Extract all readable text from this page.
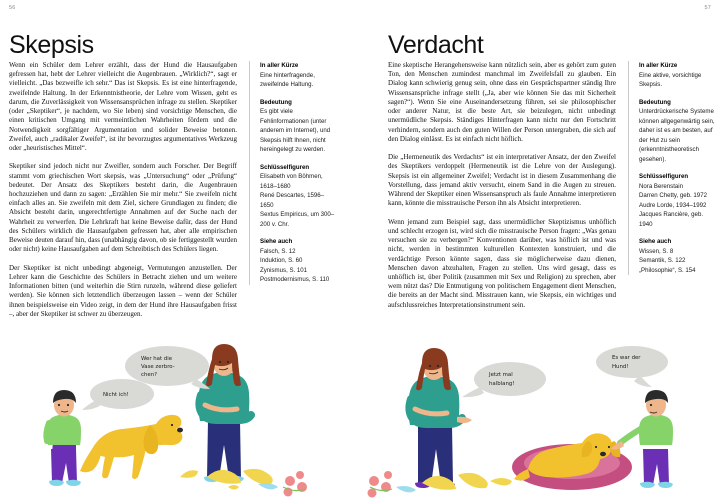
56
Skepsis

Wenn ein Schüler dem Lehrer erzählt, dass der Hund die Hausaufgaben gefressen hat, hebt der Lehrer vielleicht die Augenbrauen. „Wirklich?“, sagt er vielleicht. „Das bezweifle ich sehr.“ Das ist Skepsis. Es ist eine hinterfragende, zweifelnde Haltung. In der Erkenntnistheorie, der Lehre vom Wissen, geht es darum, die Zuverlässigkeit von Wissensansprüchen infrage zu stellen. Skeptiker (oder „Skeptiker“, je nachdem, wo Sie leben) sind vorsichtige Menschen, die einen kritischen Umgang mit vermeintlichen Wahrheiten fördern und die Notwendigkeit sorgfältiger Argumentation und solider Beweise betonen. Zweifel, auch „radikaler Zweifel“, ist ihr bevorzugtes argumentatives Werkzeug oder „heuristisches Mittel“.

Skeptiker sind jedoch nicht nur Zweifler, sondern auch Forscher. Der Begriff stammt vom griechischen Wort skepsis, was „Untersuchung“ oder „Prüfung“ bedeutet. Der Ansatz des Skeptikers besteht darin, die Augenbrauen hochzuziehen und dann zu sagen: „Erzählen Sie mir mehr.“ Sie zweifeln nicht einfach alles an. Sie zweifeln mit dem Ziel, sichere Grundlagen zu finden; die Absicht besteht darin, ungerechtfertigte Annahmen auf der Suche nach der Wahrheit zu verwerfen. Die Lehrkraft hat keine Beweise dafür, dass der Hund des Schülers wirklich die Hausaufgaben gefressen hat, aber alle empirischen Beweise deuten darauf hin, dass (unabhängig davon, ob sie fertiggestellt wurden oder nicht) keine Hausaufgaben auf dem Schreibtisch des Schülers liegen.

Der Skeptiker ist nicht unbedingt abgeneigt, Vermutungen anzustellen. Der Lehrer kann die Geschichte des Schülers in Betracht ziehen und um weitere Informationen bitten (und weiterhin die Stirn runzeln, während diese geliefert werden). Sie können sich letztendlich überzeugen lassen – wenn der Schüler ihnen beispielsweise ein Video zeigt, in dem der Hund ihre Hausaufgaben frisst –, aber der Skeptiker ist schwer zu überzeugen.

In aller Kürze
Eine hinterfragende, zweifelnde Haltung.
Bedeutung
Es gibt viele Fehlinformationen (unter anderem im Internet), und Skepsis hilft Ihnen, nicht hereingelegt zu werden.
Schlüsselfiguren
Elisabeth von Böhmen, 1618–1680
René Descartes, 1596–1650
Sextus Empiricus, um 300–200 v. Chr.
Siehe auch
Falsch, S. 12
Induktion, S. 60
Zynismus, S. 101
Postmodernismus, S. 110
Wer hat die
Vase zerbro-
chen?
Nicht ich!
57
Verdacht

Eine skeptische Herangehensweise kann nützlich sein, aber es gehört zum guten Ton, den Menschen zumindest manchmal im Zweifelsfall zu glauben. Ein Dialog kann schwierig genug sein, ohne dass ein Gesprächspartner ständig Ihre Wissensansprüche infrage stellt („Ja, aber wie können Sie das mit Sicherheit sagen?“). Wenn Sie eine Auseinandersetzung führen, sei sie philosophischer oder anderer Natur, ist die beste Art, sie beizulegen, nicht unbedingt unermüdliche Skepsis. Ständiges Hinterfragen kann nicht nur den Fortschritt verhindern, sondern auch den guten Willen der Person untergraben, die sich auf den Dialog einlässt. Es ist einfach nicht höflich.

Die „Hermeneutik des Verdachts“ ist ein interpretativer Ansatz, der den Zweifel des Skeptikers verdoppelt (Hermeneutik ist die Lehre von der Auslegung). Skepsis ist ein allgemeiner Zweifel; Verdacht ist in diesem Zusammenhang die Vorstellung, dass jemand aktiv versucht, einem Sand in die Augen zu streuen. Während der Skeptiker einen Wissensanspruch als faule Annahme interpretieren kann, könnte die misstrauische Person ihn als Absicht interpretieren.

Wenn jemand zum Beispiel sagt, dass unermüdlicher Skeptizismus unhöflich und schlecht erzogen ist, wird sich die misstrauische Person fragen: „Was genau versuchen sie zu verbergen?“ Konventionen darüber, was höflich ist und was nicht, werden in bestimmten kulturellen Kontexten konstruiert, und die verdächtige Person könnte sagen, dass sie möglicherweise dazu dienen, Menschen davon abzuhalten, Fragen zu stellen. Uns wird gesagt, dass es unhöflich ist, über Politik (zusammen mit Sex und Religion) zu sprechen, aber wem nützt das? Die Entmutigung von politischem Engagement dient Menschen, die bereits an der Macht sind. Misstrauen kann, wie Skepsis, ein wichtiges und aufschlussreiches Interpretationsinstrument sein.

In aller Kürze
Eine aktive, vorsichtige Skepsis.
Bedeutung
Unterdrückerische Systeme können allgegenwärtig sein, daher ist es am besten, auf der Hut zu sein (erkenntnistheoretisch gesehen).
Schlüsselfiguren
Nora Berenstain
Darren Chetty, geb. 1972
Audre Lorde, 1934–1992
Jacques Rancière, geb. 1940
Siehe auch
Wissen, S. 8
Semantik, S. 122
„Philosophie“, S. 154
Jetzt mal
halblang!
Es war der
Hund!
